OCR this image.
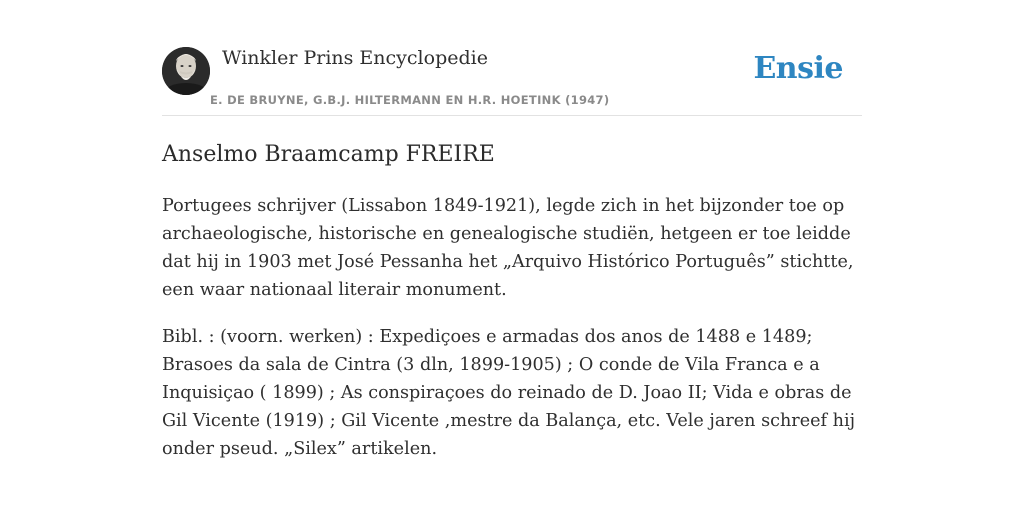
Winkler Prins Encyclopedie
E. DE BRUYNE, G.B.J. HILTERMANN EN H.R. HOETINK (1947)
Ensie
Anselmo Braamcamp FREIRE

Portugees schrijver (Lissabon 1849-1921), legde zich in het bijzonder toe op archaeologische, historische en genealogische studiën, hetgeen er toe leidde dat hij in 1903 met José Pessanha het „Arquivo Histórico Português” stichtte, een waar nationaal literair monument.

Bibl. : (voorn. werken) : Expediçoes e armadas dos anos de 1488 e 1489; Brasoes da sala de Cintra (3 dln, 1899-1905) ; O conde de Vila Franca e a Inquisiçao ( 1899) ; As conspiraçoes do reinado de D. Joao II; Vida e obras de Gil Vicente (1919) ; Gil Vicente ,mestre da Balança, etc. Vele jaren schreef hij onder pseud. „Silex” artikelen.
